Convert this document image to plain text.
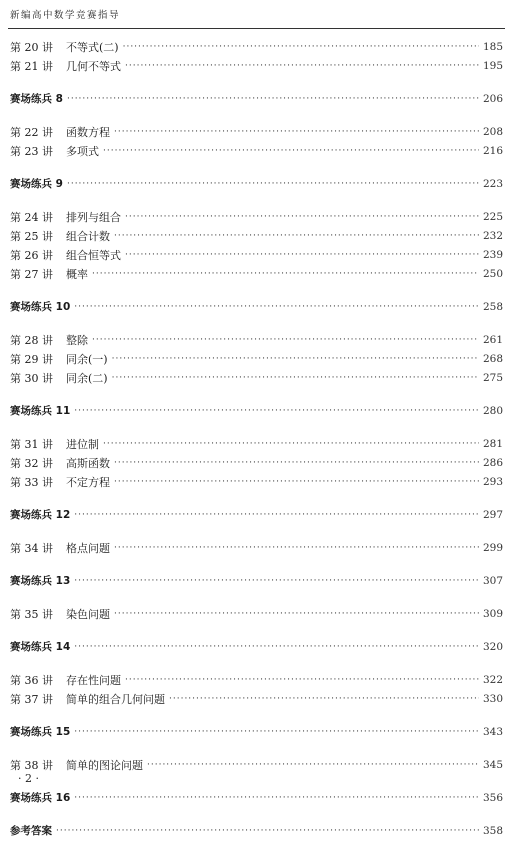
新编高中数学竞赛指导
第 20 讲	不等式(二) ·····	185
第 21 讲	几何不等式 ·····	195
赛场练兵 8 ·····	206
第 22 讲	函数方程 ·····	208
第 23 讲	多项式 ·····	216
赛场练兵 9 ·····	223
第 24 讲	排列与组合 ·····	225
第 25 讲	组合计数 ·····	232
第 26 讲	组合恒等式 ·····	239
第 27 讲	概率 ·····	250
赛场练兵 10 ·····	258
第 28 讲	整除 ·····	261
第 29 讲	同余(一) ·····	268
第 30 讲	同余(二) ·····	275
赛场练兵 11 ·····	280
第 31 讲	进位制 ·····	281
第 32 讲	高斯函数 ·····	286
第 33 讲	不定方程 ·····	293
赛场练兵 12 ·····	297
第 34 讲	格点问题 ·····	299
赛场练兵 13 ·····	307
第 35 讲	染色问题 ·····	309
赛场练兵 14 ·····	320
第 36 讲	存在性问题 ·····	322
第 37 讲	简单的组合几何问题 ·····	330
赛场练兵 15 ·····	343
第 38 讲	简单的图论问题 ·····	345
赛场练兵 16 ·····	356
参考答案 ·····	358
· 2 ·
